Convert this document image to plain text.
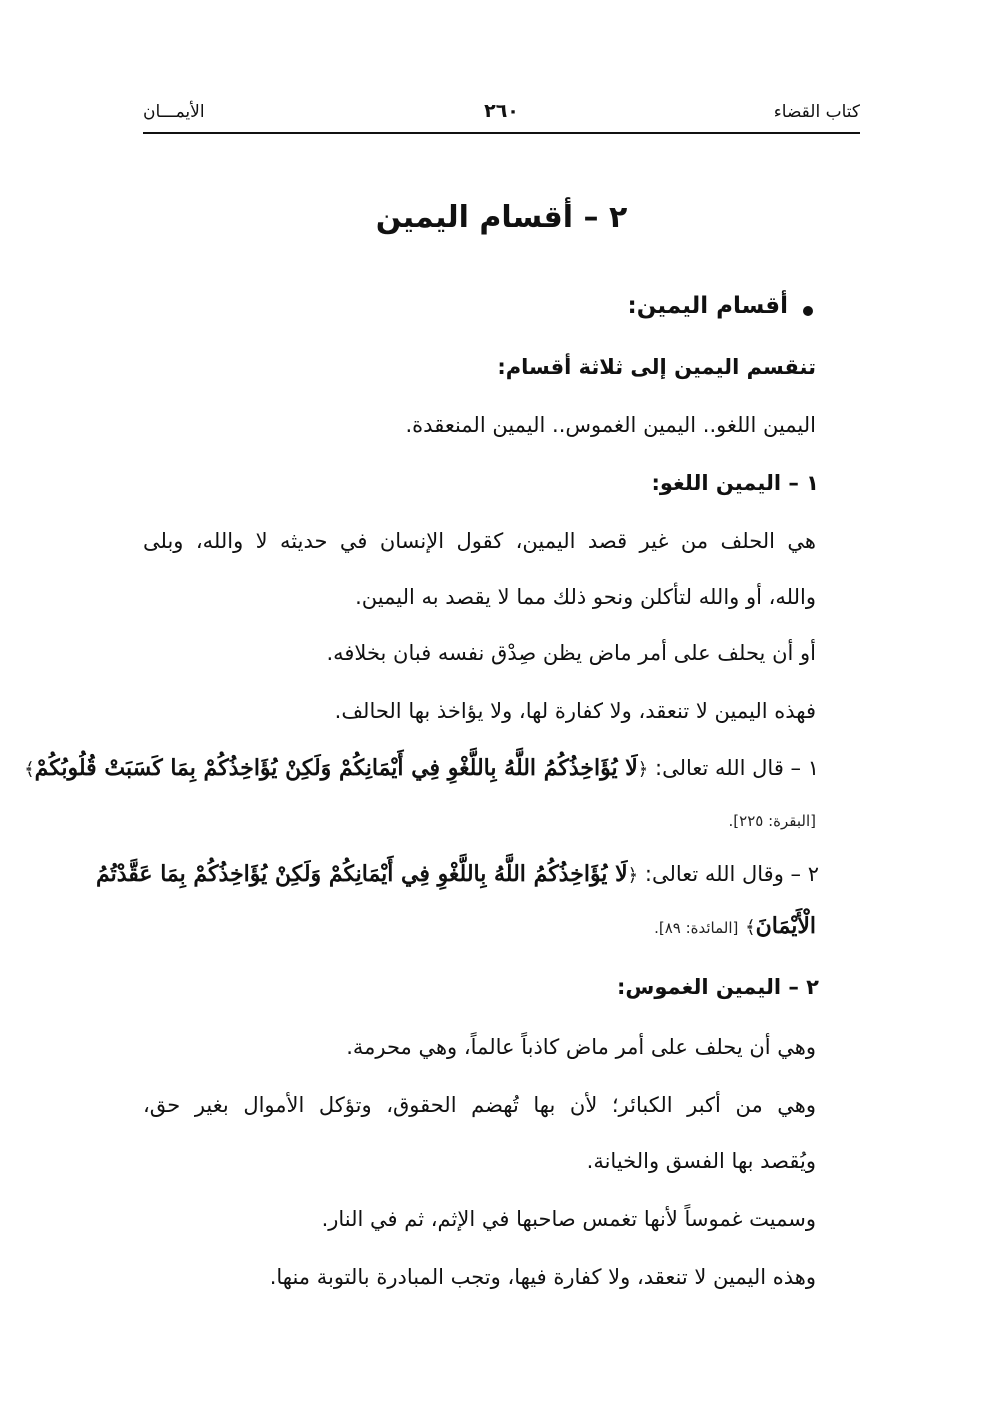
كتاب القضاء
٢٦٠
الأيمـــان
٢ – أقسام اليمين
أقسام اليمين:
تنقسم اليمين إلى ثلاثة أقسام:
اليمين اللغو.. اليمين الغموس.. اليمين المنعقدة.
١ – اليمين اللغو:
هي الحلف من غير قصد اليمين، كقول الإنسان في حديثه لا والله، وبلى
والله، أو والله لتأكلن ونحو ذلك مما لا يقصد به اليمين.
أو أن يحلف على أمر ماض يظن صِدْق نفسه فبان بخلافه.
فهذه اليمين لا تنعقد، ولا كفارة لها، ولا يؤاخذ بها الحالف.
١ – قال الله تعالى: ﴿لَا يُؤَاخِذُكُمُ اللَّهُ بِاللَّغْوِ فِي أَيْمَانِكُمْ وَلَكِنْ يُؤَاخِذُكُمْ بِمَا كَسَبَتْ قُلُوبُكُمْ﴾
[البقرة: ٢٢٥].
٢ – وقال الله تعالى: ﴿لَا يُؤَاخِذُكُمُ اللَّهُ بِاللَّغْوِ فِي أَيْمَانِكُمْ وَلَكِنْ يُؤَاخِذُكُمْ بِمَا عَقَّدْتُمُ
الْأَيْمَانَ﴾ [المائدة: ٨٩].
٢ – اليمين الغموس:
وهي أن يحلف على أمر ماض كاذباً عالماً، وهي محرمة.
وهي من أكبر الكبائر؛ لأن بها تُهضم الحقوق، وتؤكل الأموال بغير حق،
ويُقصد بها الفسق والخيانة.
وسميت غموساً لأنها تغمس صاحبها في الإثم، ثم في النار.
وهذه اليمين لا تنعقد، ولا كفارة فيها، وتجب المبادرة بالتوبة منها.
